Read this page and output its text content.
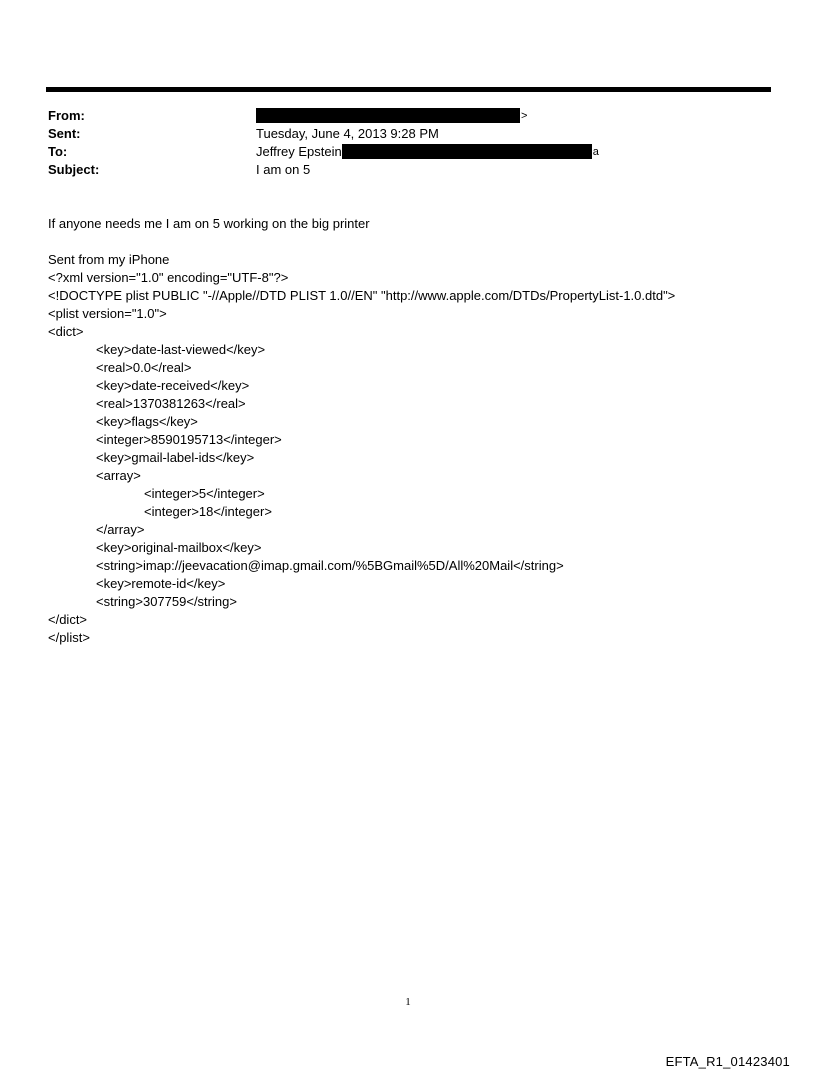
From:	>
Sent:	Tuesday, June 4, 2013 9:28 PM
To:	Jeffrey Epstein	a
Subject:	I am on 5

If anyone needs me I am on 5 working on the big printer

Sent from my iPhone

<?xml version="1.0" encoding="UTF-8"?>
<!DOCTYPE plist PUBLIC "-//Apple//DTD PLIST 1.0//EN" "http://www.apple.com/DTDs/PropertyList-1.0.dtd">
<plist version="1.0">
<dict>
<key>date-last-viewed</key>
<real>0.0</real>
<key>date-received</key>
<real>1370381263</real>
<key>flags</key>
<integer>8590195713</integer>
<key>gmail-label-ids</key>
<array>
<integer>5</integer>
<integer>18</integer>
</array>
<key>original-mailbox</key>
<string>imap://jeevacation@imap.gmail.com/%5BGmail%5D/All%20Mail</string>
<key>remote-id</key>
<string>307759</string>
</dict>
</plist>
1
EFTA_R1_01423401
